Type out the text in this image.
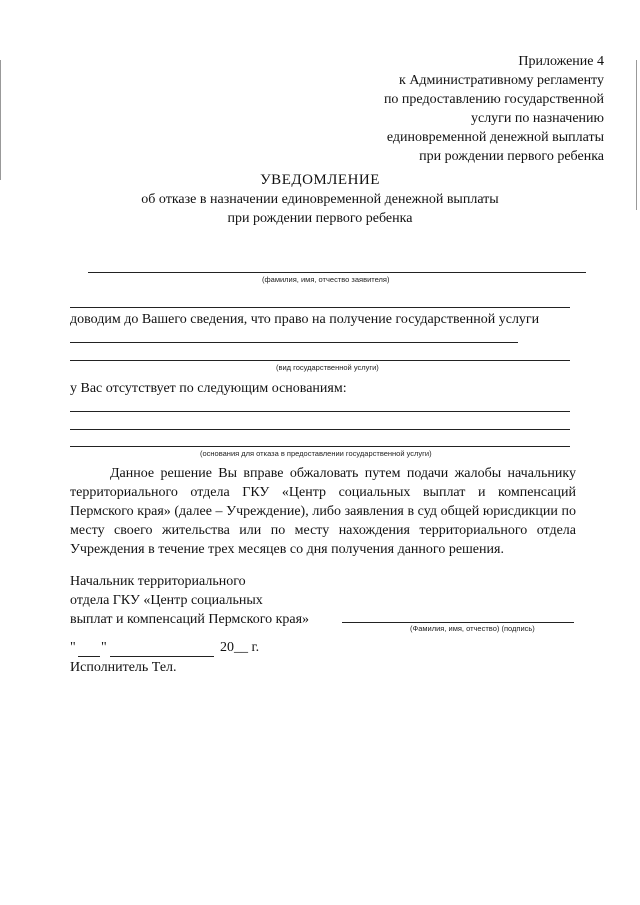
Приложение 4
к Административному регламенту
по предоставлению государственной
услуги по назначению
единовременной денежной выплаты
при рождении первого ребенка
УВЕДОМЛЕНИЕ
об отказе в назначении единовременной денежной выплаты
при рождении первого ребенка
(фамилия, имя, отчество заявителя)
доводим до Вашего сведения, что право на получение государственной услуги
(вид государственной услуги)
у Вас отсутствует по следующим основаниям:
(основания для отказа в предоставлении государственной услуги)
Данное решение Вы вправе обжаловать путем подачи жалобы начальнику территориального отдела ГКУ «Центр социальных выплат и компенсаций Пермского края» (далее – Учреждение), либо заявления в суд общей юрисдикции по месту своего жительства или по месту нахождения территориального отдела Учреждения в течение трех месяцев со дня получения данного решения.
Начальник территориального
отдела ГКУ «Центр социальных
выплат и компенсаций Пермского края»
(Фамилия, имя, отчество) (подпись)
" "	20__ г.
Исполнитель Тел.
